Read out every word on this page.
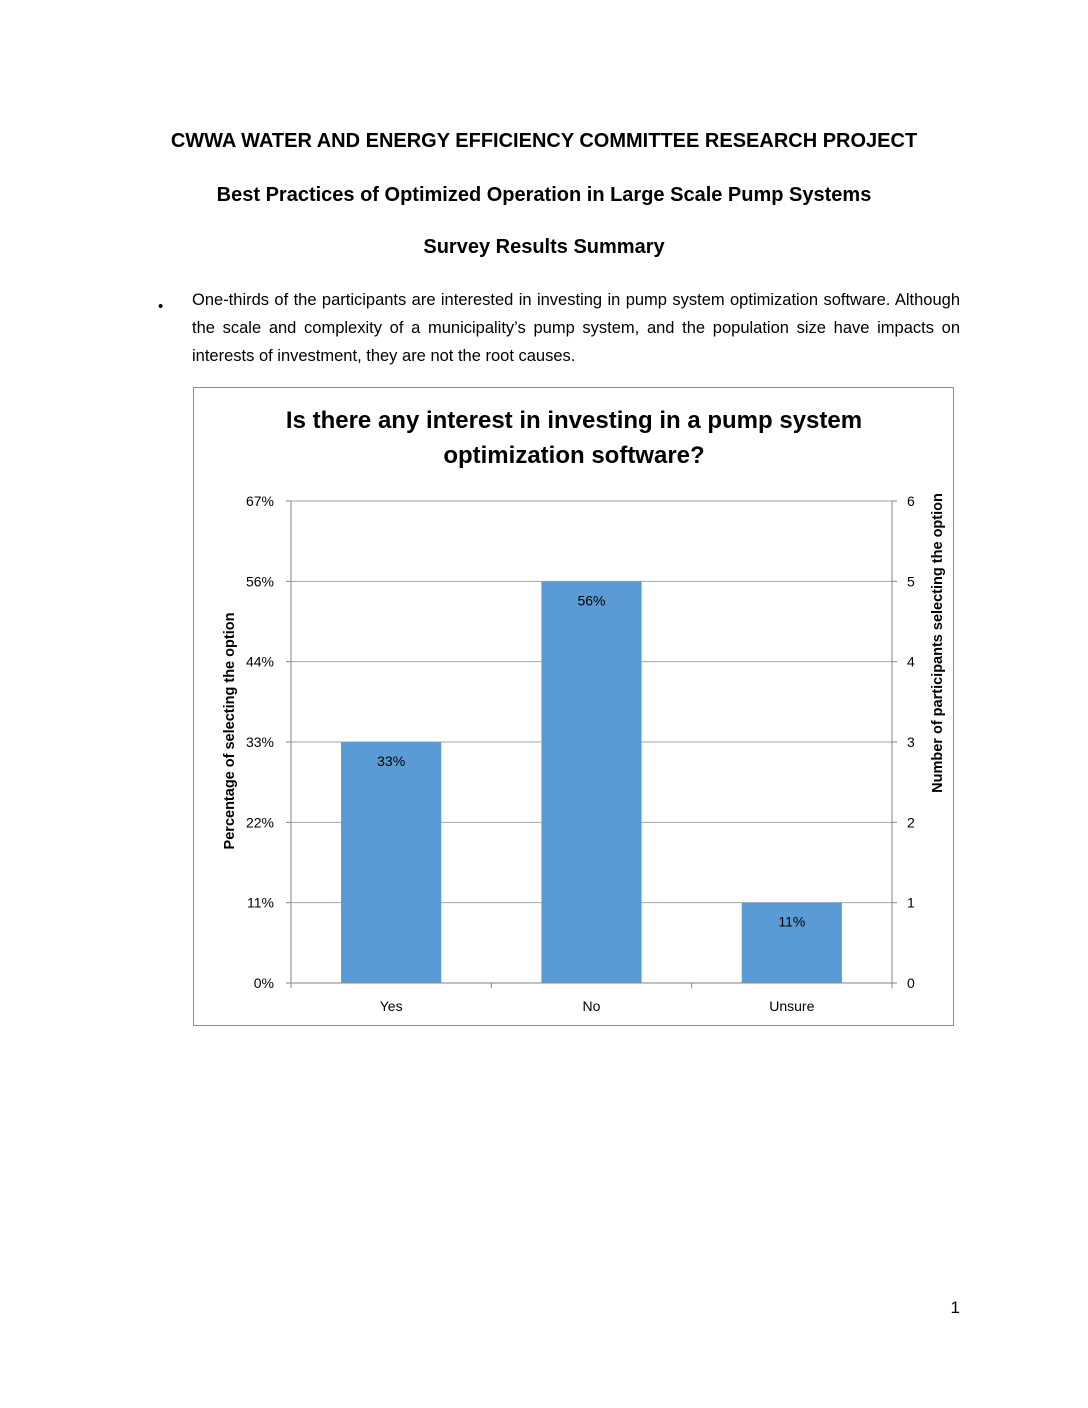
CWWA WATER AND ENERGY EFFICIENCY COMMITTEE RESEARCH PROJECT

Best Practices of Optimized Operation in Large Scale Pump Systems

Survey Results Summary

• One-thirds of the participants are interested in investing in pump system optimization software. Although the scale and complexity of a municipality’s pump system, and the population size have impacts on interests of investment, they are not the root causes.

Is there any interest in investing in a pump system
optimization software?
0%	0
11%	1
22%	2
33%	3
44%	4
56%	5
67%	6
33%
Yes
56%
No
11%
Unsure
Percentage of selecting the option	Number of participants selecting the option
1
